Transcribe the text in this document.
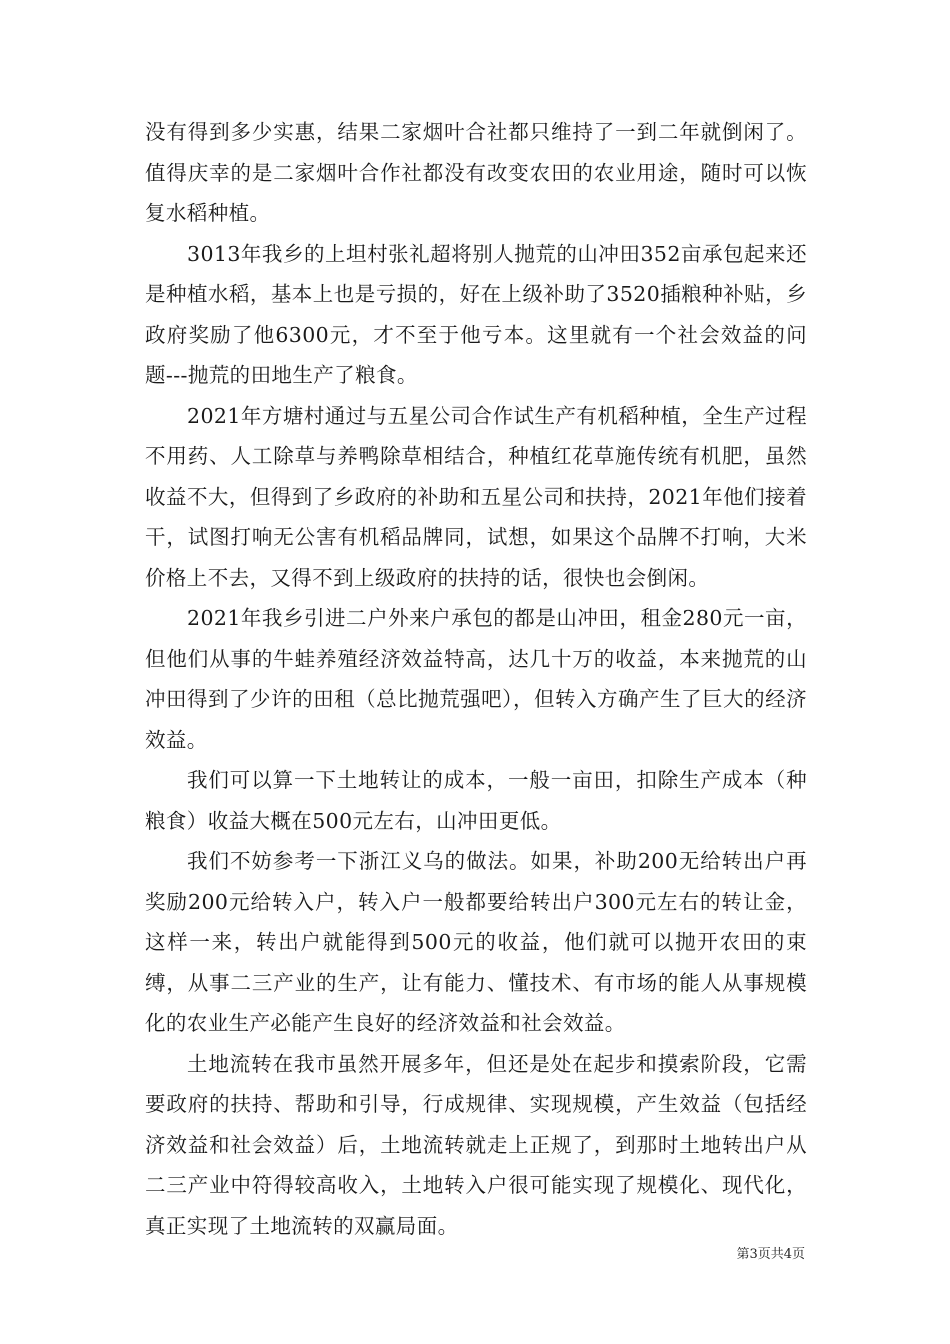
没有得到多少实惠，结果二家烟叶合社都只维持了一到二年就倒闲了。值得庆幸的是二家烟叶合作社都没有改变农田的农业用途，随时可以恢复水稻种植。

3013年我乡的上坦村张礼超将别人抛荒的山冲田352亩承包起来还是种植水稻，基本上也是亏损的，好在上级补助了3520插粮种补贴，乡政府奖励了他6300元，才不至于他亏本。这里就有一个社会效益的问题---抛荒的田地生产了粮食。

2021年方塘村通过与五星公司合作试生产有机稻种植，全生产过程不用药、人工除草与养鸭除草相结合，种植红花草施传统有机肥，虽然收益不大，但得到了乡政府的补助和五星公司和扶持，2021年他们接着干，试图打响无公害有机稻品牌同，试想，如果这个品牌不打响，大米价格上不去，又得不到上级政府的扶持的话，很快也会倒闲。

2021年我乡引进二户外来户承包的都是山冲田，租金280元一亩，但他们从事的牛蛙养殖经济效益特高，达几十万的收益，本来抛荒的山冲田得到了少许的田租（总比抛荒强吧），但转入方确产生了巨大的经济效益。

我们可以算一下土地转让的成本，一般一亩田，扣除生产成本（种粮食）收益大概在500元左右，山冲田更低。

我们不妨参考一下浙江义乌的做法。如果，补助200无给转出户再奖励200元给转入户，转入户一般都要给转出户300元左右的转让金，这样一来，转出户就能得到500元的收益，他们就可以抛开农田的束缚，从事二三产业的生产，让有能力、懂技术、有市场的能人从事规模化的农业生产必能产生良好的经济效益和社会效益。

土地流转在我市虽然开展多年，但还是处在起步和摸索阶段，它需要政府的扶持、帮助和引导，行成规律、实现规模，产生效益（包括经济效益和社会效益）后，土地流转就走上正规了，到那时土地转出户从二三产业中符得较高收入，土地转入户很可能实现了规模化、现代化，真正实现了土地流转的双赢局面。

第3页共4页
